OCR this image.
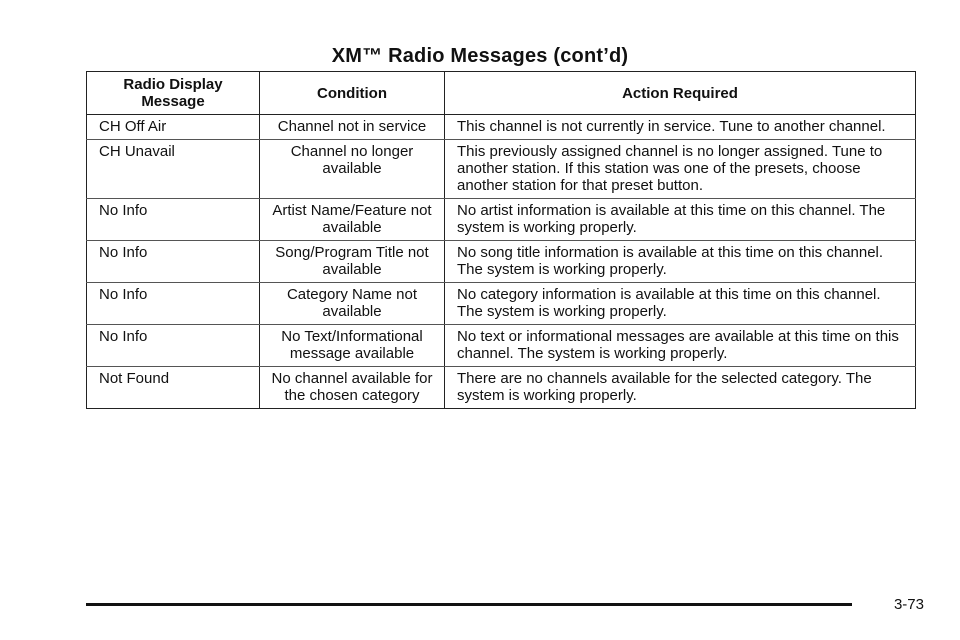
XM™ Radio Messages (cont’d)
Radio Display Message	Condition	Action Required
CH Off Air	Channel not in service	This channel is not currently in service. Tune to another channel.
CH Unavail	Channel no longer available	This previously assigned channel is no longer assigned. Tune to another station. If this station was one of the presets, choose another station for that preset button.
No Info	Artist Name/Feature not available	No artist information is available at this time on this channel. The system is working properly.
No Info	Song/Program Title not available	No song title information is available at this time on this channel. The system is working properly.
No Info	Category Name not available	No category information is available at this time on this channel. The system is working properly.
No Info	No Text/Informational message available	No text or informational messages are available at this time on this channel. The system is working properly.
Not Found	No channel available for the chosen category	There are no channels available for the selected category. The system is working properly.
3-73
